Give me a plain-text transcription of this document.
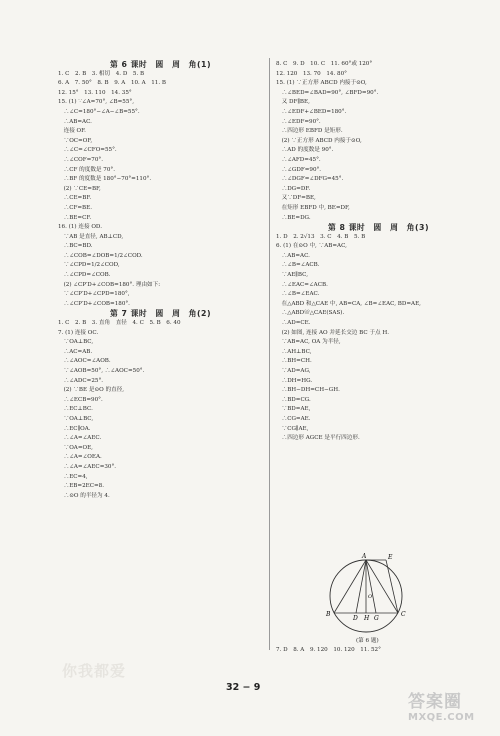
第 6 课时　圆　周　角(1)
1. C　2. B　3. 相切　4. D　5. B
6. A　7. 50°　8. B　9. A　10. A　11. B
12. 15°　13. 110　14. 35°
15. (1) ∵∠A=70°, ∠B=55°,
　∴∠C=180°−∠A−∠B=55°.
　∴AB=AC.
　连接 OF.
　∵OC=OF,
　∴∠C=∠CFO=55°.
　∴∠COF=70°.
　∴CF 的度数是 70°.
　∴BF 的度数是 180°−70°=110°.
　(2) ∵CE=BF,
　∴CE=BF.
　∴CF=BE.
　∴BE=CF.
16. (1) 连接 OD.
　∵AB 是直径, AB⊥CD,
　∴BC=BD.
　∴∠COB=∠DOB=1/2∠COD.
　∵∠CPD=1/2∠COD,
　∴∠CPD=∠COB.
　(2) ∠CP′D+∠COB=180°. 理由如下:
　∵∠CP′D+∠CPD=180°,
　∴∠CP′D+∠COB=180°.
第 7 课时　圆　周　角(2)
1. C　2. B　3. 直角　直径　4. C　5. B　6. 40
7. (1) 连接 OC.
　∵OA⊥BC,
　∴AC=AB.
　∴∠AOC=∠AOB.
　∵∠AOB=50°, ∴∠AOC=50°.
　∴∠ADC=25°.
　(2) ∵BE 是⊙O 的直径,
　∴∠ECB=90°.
　∴EC⊥BC.
　∵OA⊥BC,
　∴EC∥OA.
　∴∠A=∠AEC.
　∵OA=OE,
　∴∠A=∠OEA.
　∴∠A=∠AEC=30°.
　∴EC=4,
　∴EB=2EC=8.
　∴⊙O 的半径为 4.
8. C　9. D　10. C　11. 60°或 120°
12. 120　13. 70　14. 80°
15. (1) ∵正方形 ABCD 内接于⊙O,
　∴∠BED=∠BAD=90°, ∠BFD=90°.
　又 DF∥BE,
　∴∠EDF+∠BED=180°.
　∴∠EDF=90°.
　∴四边形 EBFD 是矩形.
　(2) ∵正方形 ABCD 内接于⊙O,
　∴AD 的度数是 90°.
　∴∠AFD=45°.
　∴∠GDF=90°.
　∴∠DGF=∠DFG=45°.
　∴DG=DF.
　又∵DF=BE,
　在矩形 EBFD 中, BE=DF,
　∴BE=DG.
第 8 课时　圆　周　角(3)
1. D　2. 2√13　3. C　4. B　5. B
6. (1) 在⊙O 中, ∵AB=AC,
　∴AB=AC.
　∴∠B=∠ACB.
　∵AE∥BC,
　∴∠EAC=∠ACB.
　∴∠B=∠EAC.
　在△ABD 和△CAE 中, AB=CA, ∠B=∠EAC, BD=AE,
　∴△ABD≌△CAE(SAS).
　∴AD=CE.
　(2) 如图, 连接 AO 并延长交边 BC 于点 H.
　∵AB=AC, OA 为半径,
　∴AH⊥BC,
　∴BH=CH.
　∵AD=AG,
　∴DH=HG.
　∴BH−DH=CH−GH.
　∴BD=CG.
　∵BD=AE,
　∴CG=AE.
　∵CG∥AE,
　∴四边形 AGCE 是平行四边形.
A	E
B
D H G
C
O
(第 6 题)
7. D　8. A　9. 120　10. 120　11. 52°
32 − 9
你我都爱
答案圈
MXQE.COM
